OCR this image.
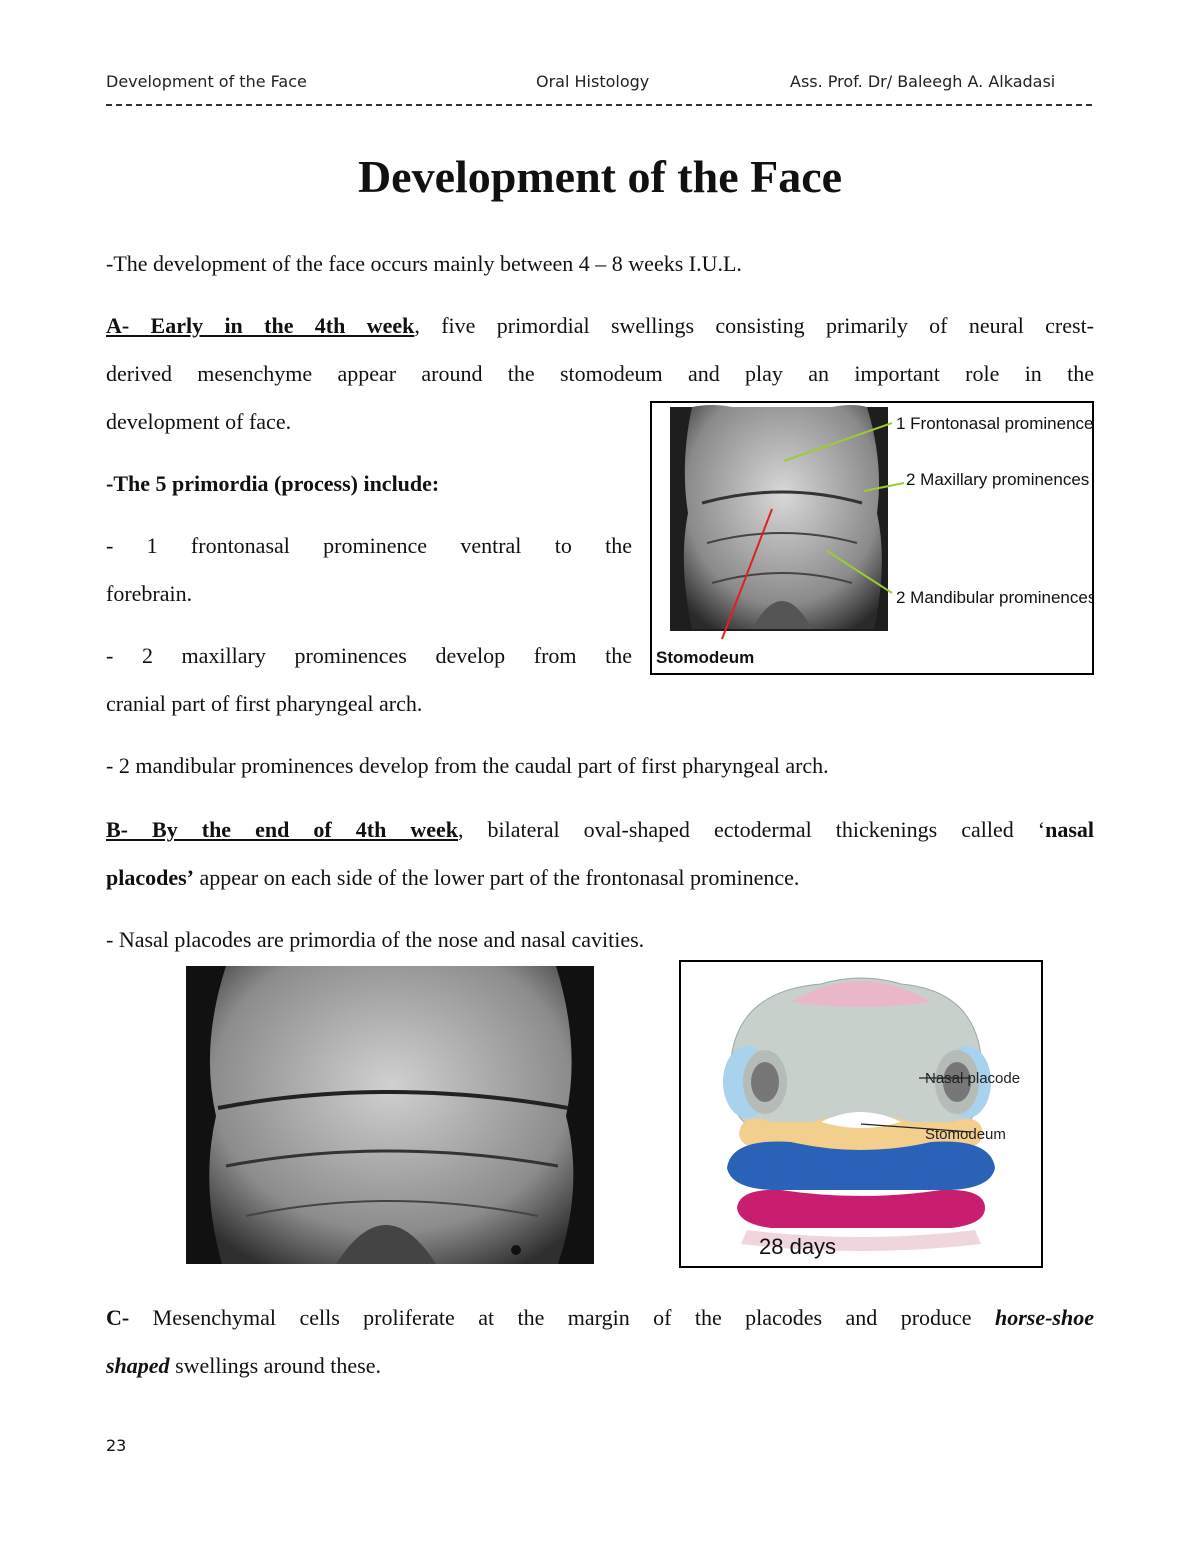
Development of the Face	Oral Histology	Ass. Prof. Dr/ Baleegh A. Alkadasi
Development of the Face
-The development of the face occurs mainly between 4 – 8 weeks I.U.L.
A- Early in the 4th week, five primordial swellings consisting primarily of neural crest-
derived mesenchyme appear around the stomodeum and play an important role in the
development of face.
-The 5 primordia (process) include:
- 1 frontonasal prominence ventral to the
forebrain.
- 2 maxillary prominences develop from the
cranial part of first pharyngeal arch.
- 2 mandibular prominences develop from the caudal part of first pharyngeal arch.
1 Frontonasal prominence
2 Maxillary prominences
2 Mandibular prominences
Stomodeum
B- By the end of 4th week, bilateral oval-shaped ectodermal thickenings called ‘nasal
placodes’ appear on each side of the lower part of the frontonasal prominence.
- Nasal placodes are primordia of the nose and nasal cavities.
Nasal placode
Stomodeum
28 days
C- Mesenchymal cells proliferate at the margin of the placodes and produce horse-shoe
shaped swellings around these.
23
